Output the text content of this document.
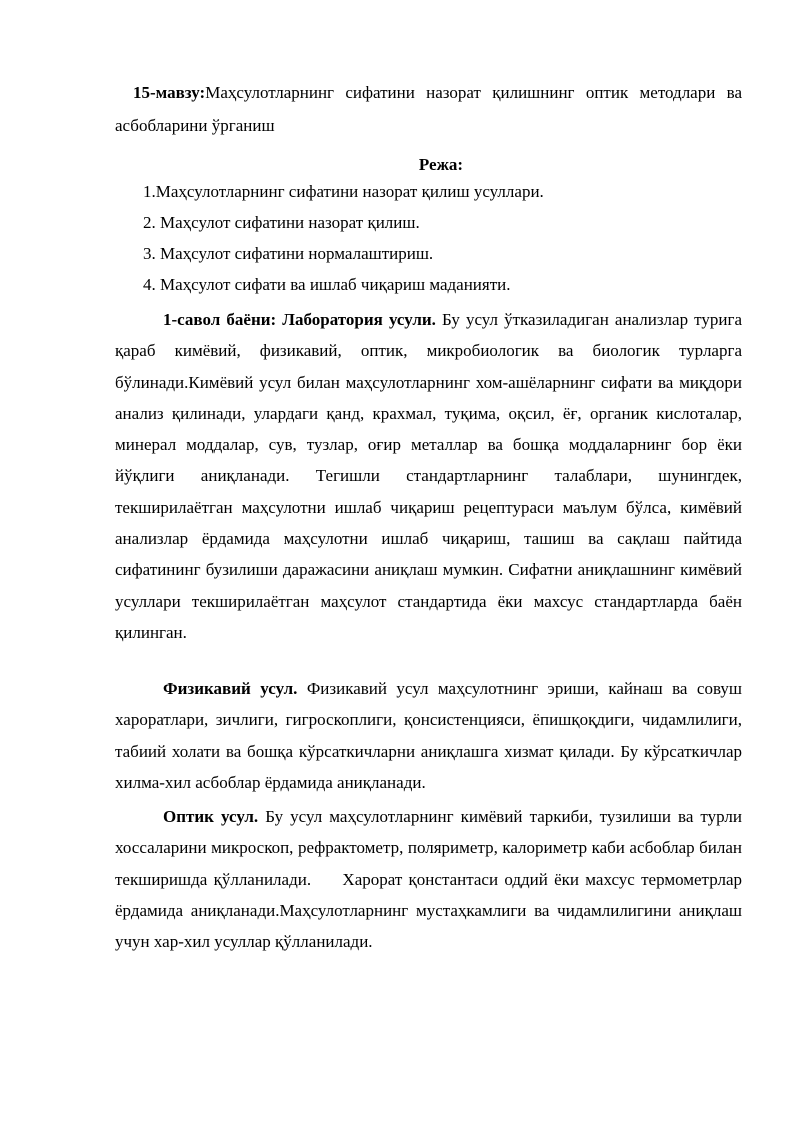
15-мавзу:Маҳсулотларнинг сифатини назорат қилишнинг оптик методлари ва асбобларини ўрганиш
Режа:
1.Маҳсулотларнинг сифатини назорат қилиш усуллари.
2. Маҳсулот сифатини назорат қилиш.
3. Маҳсулот сифатини нормалаштириш.
4. Маҳсулот сифати ва ишлаб чиқариш маданияти.

1-савол баёни: Лаборатория усули. Бу усул ўтказиладиган анализлар турига қараб кимёвий, физикавий, оптик, микробиологик ва биологик турларга бўлинади.Кимёвий усул билан маҳсулотларнинг хом-ашёларнинг сифати ва миқдори анализ қилинади, улардаги қанд, крахмал, туқима, оқсил, ёғ, органик кислоталар, минерал моддалар, сув, тузлар, оғир металлар ва бошқа моддаларнинг бор ёки йўқлиги аниқланади. Тегишли стандартларнинг талаблари, шунингдек, текширилаётган маҳсулотни ишлаб чиқариш рецептураси маълум бўлса, кимёвий анализлар ёрдамида маҳсулотни ишлаб чиқариш, ташиш ва сақлаш пайтида сифатининг бузилиши даражасини аниқлаш мумкин. Сифатни аниқлашнинг кимёвий усуллари текширилаётган маҳсулот стандартида ёки махсус стандартларда баён қилинган.

Физикавий усул. Физикавий усул маҳсулотнинг эриши, кайнаш ва совуш хароратлари, зичлиги, гигроскоплиги, қонсистенцияси, ёпишқоқдиги, чидамлилиги, табиий холати ва бошқа кўрсаткичларни аниқлашга хизмат қилади. Бу кўрсаткичлар хилма-хил асбоблар ёрдамида аниқланади.

Оптик усул. Бу усул маҳсулотларнинг кимёвий таркиби, тузилиши ва турли хоссаларини микроскоп, рефрактометр, поляриметр, калориметр каби асбоблар билан текширишда қўлланилади.     Харорат қонстантаси оддий ёки махсус термометрлар ёрдамида аниқланади.Маҳсулотларнинг мустаҳкамлиги ва чидамлилигини аниқлаш учун хар-хил усуллар қўлланилади.
